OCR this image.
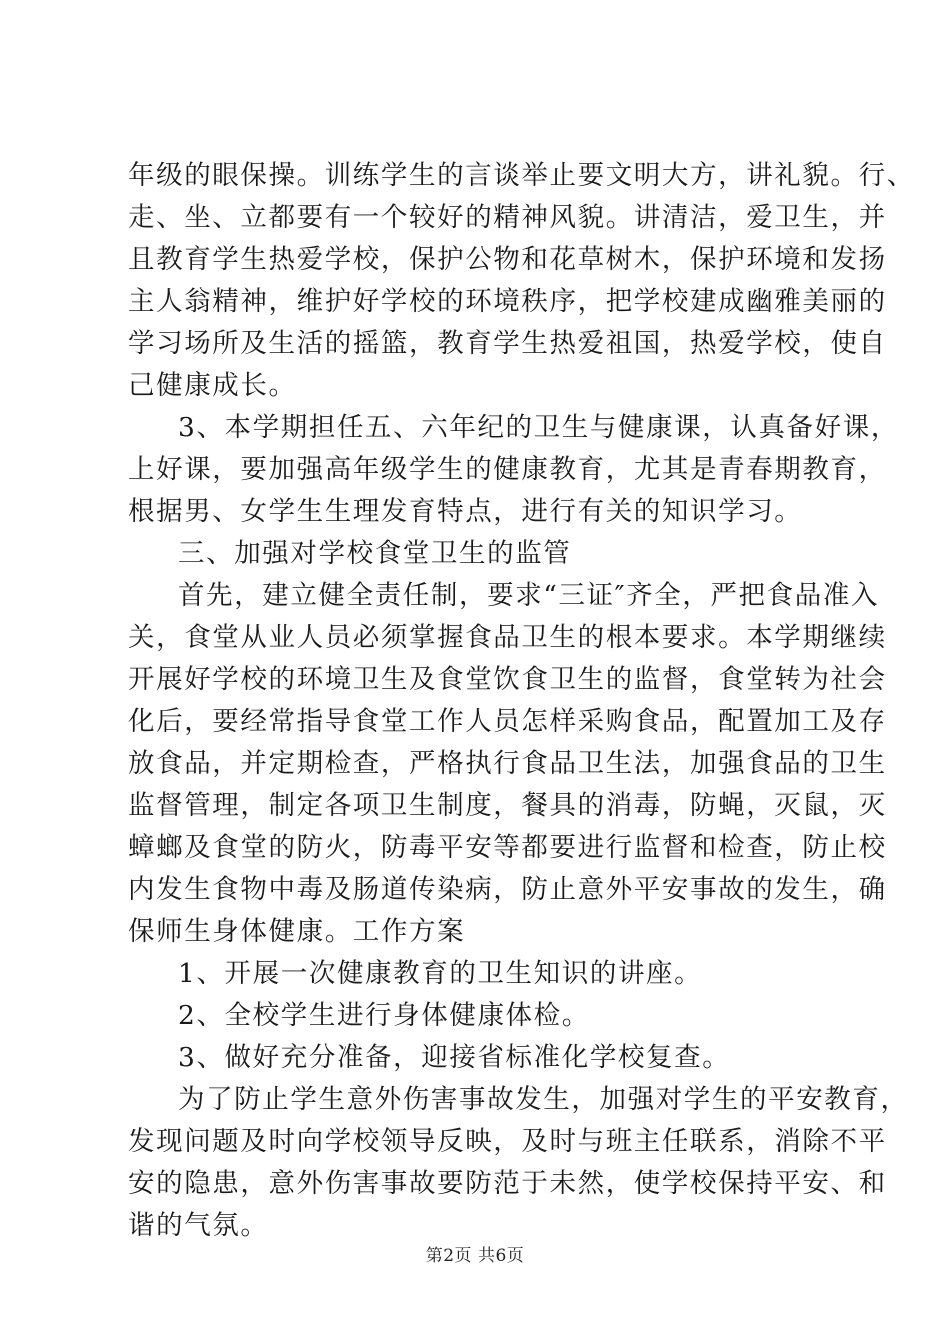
年级的眼保操。训练学生的言谈举止要文明大方，讲礼貌。行、
走、坐、立都要有一个较好的精神风貌。讲清洁，爱卫生，并
且教育学生热爱学校，保护公物和花草树木，保护环境和发扬
主人翁精神，维护好学校的环境秩序，把学校建成幽雅美丽的
学习场所及生活的摇篮，教育学生热爱祖国，热爱学校，使自
己健康成长。
3、本学期担任五、六年纪的卫生与健康课，认真备好课，
上好课，要加强高年级学生的健康教育，尤其是青春期教育，
根据男、女学生生理发育特点，进行有关的知识学习。
三、加强对学校食堂卫生的监管
首先，建立健全责任制，要求“三证″齐全，严把食品准入
关，食堂从业人员必须掌握食品卫生的根本要求。本学期继续
开展好学校的环境卫生及食堂饮食卫生的监督，食堂转为社会
化后，要经常指导食堂工作人员怎样采购食品，配置加工及存
放食品，并定期检查，严格执行食品卫生法，加强食品的卫生
监督管理，制定各项卫生制度，餐具的消毒，防蝇，灭鼠，灭
蟑螂及食堂的防火，防毒平安等都要进行监督和检查，防止校
内发生食物中毒及肠道传染病，防止意外平安事故的发生，确
保师生身体健康。工作方案
1、开展一次健康教育的卫生知识的讲座。
2、全校学生进行身体健康体检。
3、做好充分准备，迎接省标准化学校复查。
为了防止学生意外伤害事故发生，加强对学生的平安教育，
发现问题及时向学校领导反映，及时与班主任联系，消除不平
安的隐患，意外伤害事故要防范于未然，使学校保持平安、和
谐的气氛。
第2页 共6页
